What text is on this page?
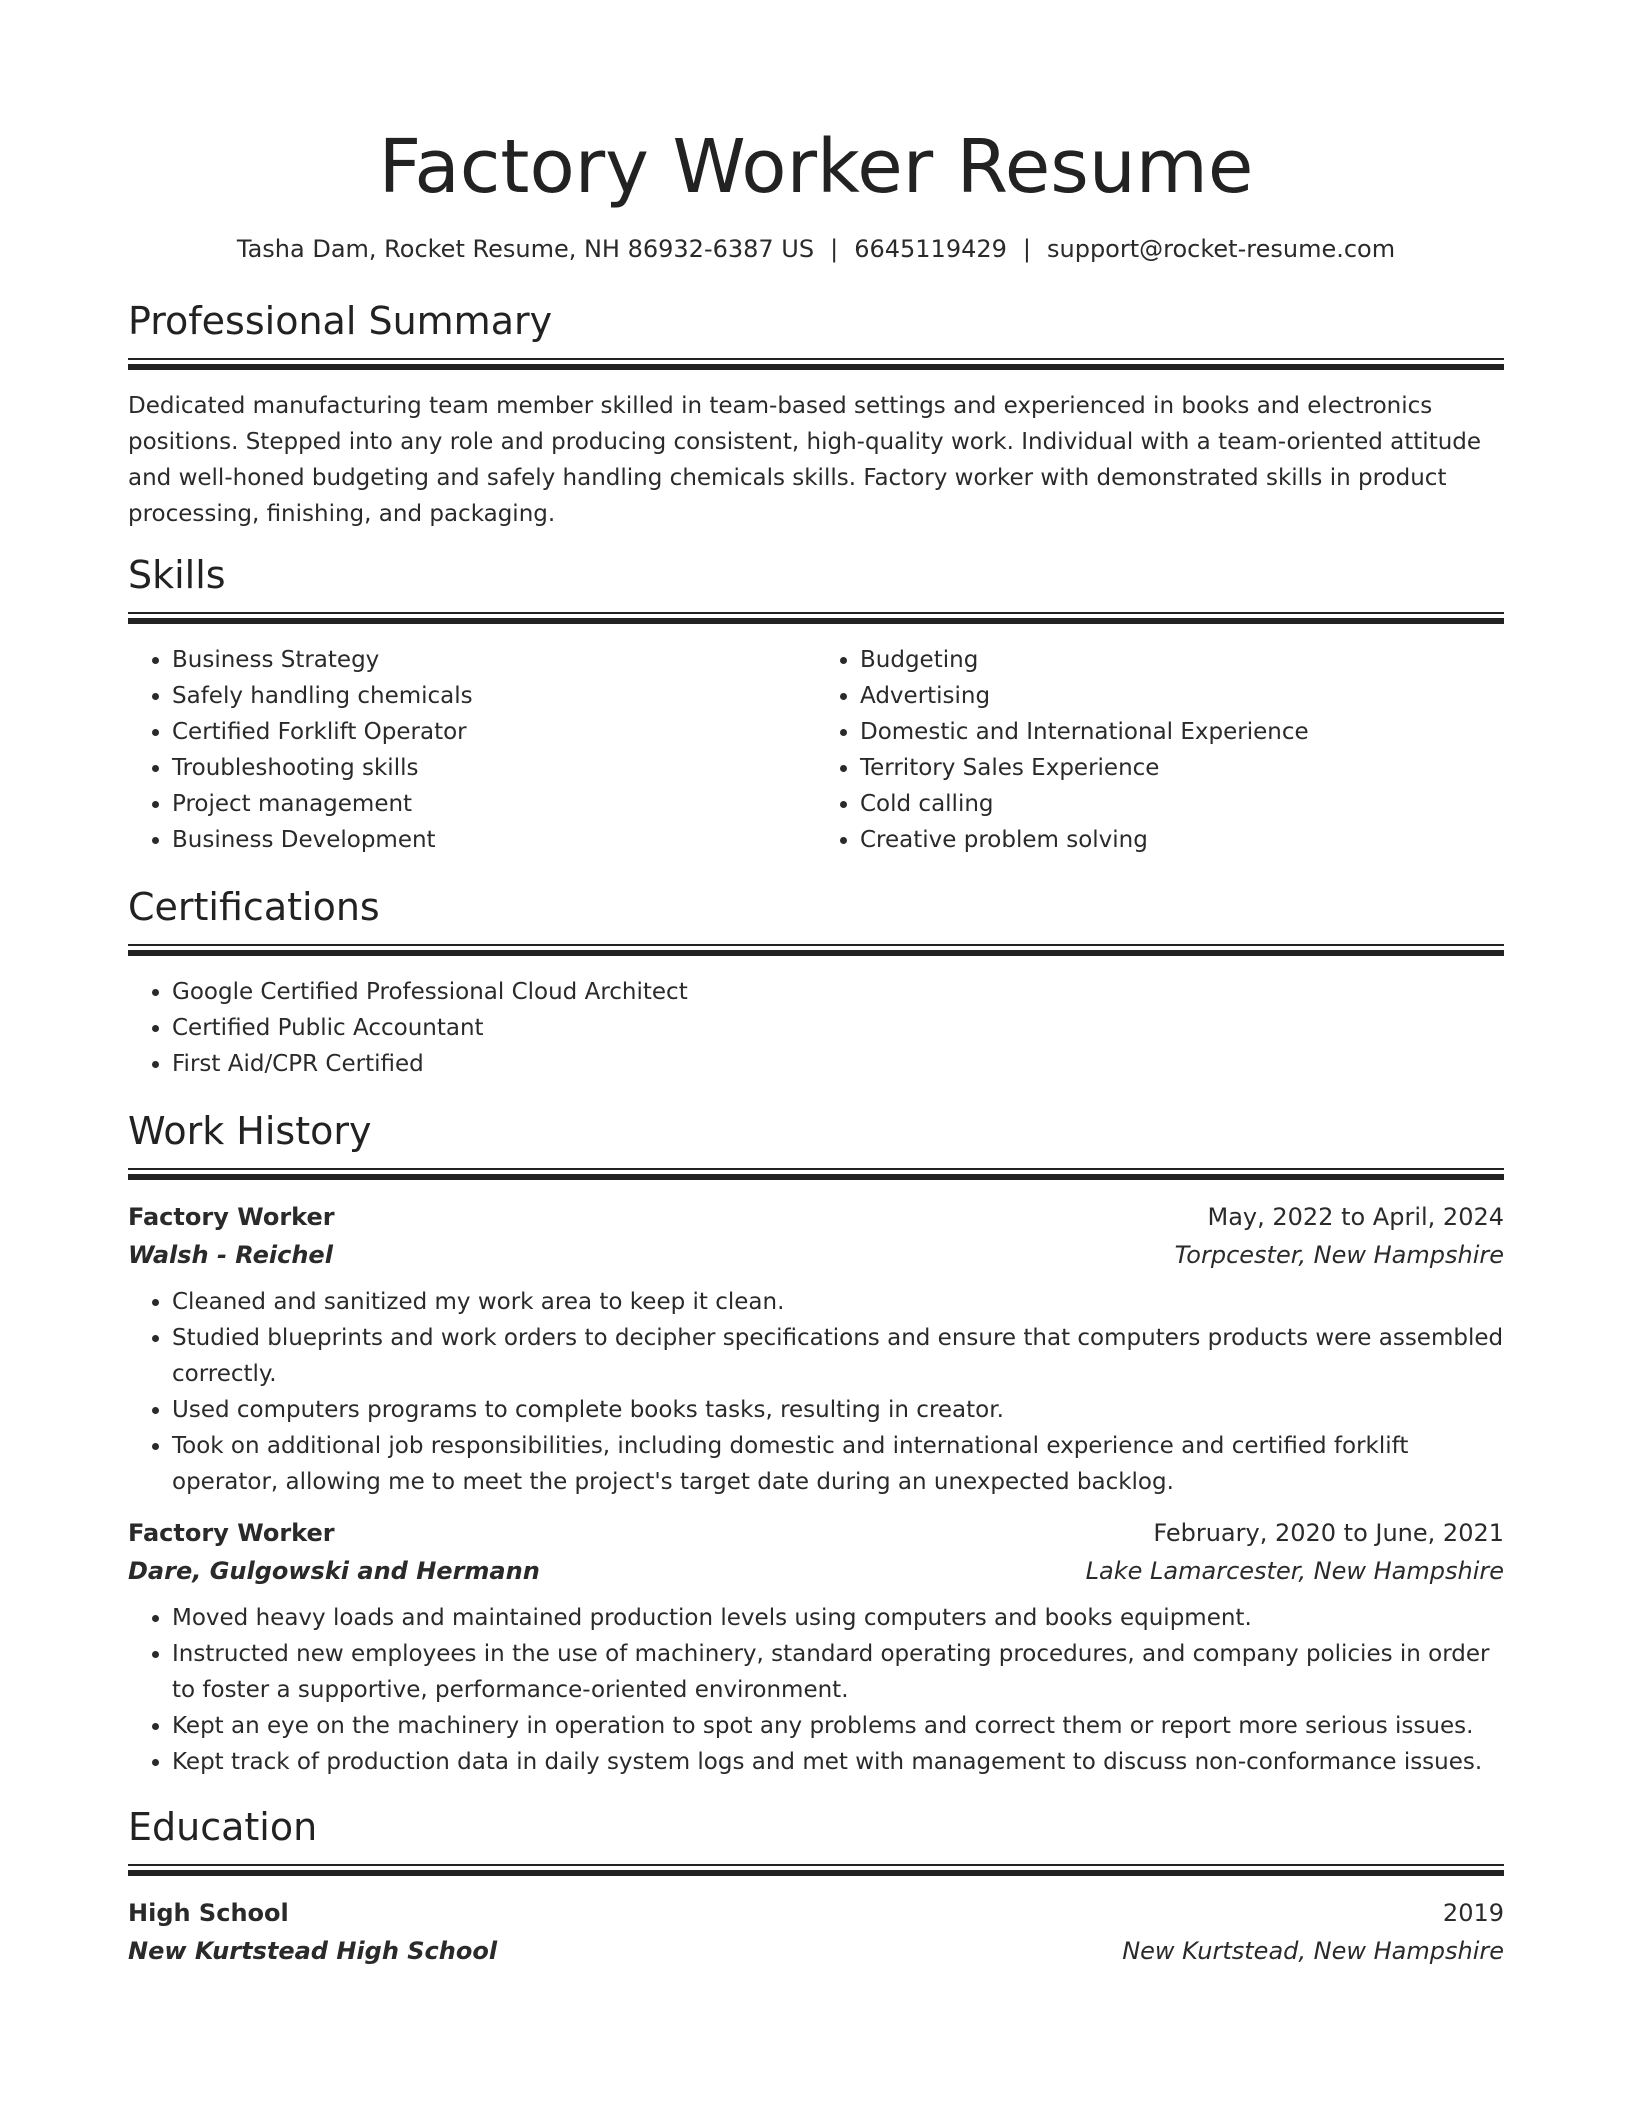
Factory Worker Resume
Tasha Dam, Rocket Resume, NH 86932-6387 US | 6645119429 | support@rocket-resume.com
Professional Summary

Dedicated manufacturing team member skilled in team-based settings and experienced in books and electronics positions. Stepped into any role and producing consistent, high-quality work. Individual with a team-oriented attitude and well-honed budgeting and safely handling chemicals skills. Factory worker with demonstrated skills in product processing, finishing, and packaging.

Skills
• Business Strategy
• Safely handling chemicals
• Certified Forklift Operator
• Troubleshooting skills
• Project management
• Business Development
• Budgeting
• Advertising
• Domestic and International Experience
• Territory Sales Experience
• Cold calling
• Creative problem solving
Certifications
• Google Certified Professional Cloud Architect
• Certified Public Accountant
• First Aid/CPR Certified
Work History
Factory Worker	May, 2022 to April, 2024
Walsh - Reichel	Torpcester, New Hampshire
• Cleaned and sanitized my work area to keep it clean.
• Studied blueprints and work orders to decipher specifications and ensure that computers products were assembled correctly.
• Used computers programs to complete books tasks, resulting in creator.
• Took on additional job responsibilities, including domestic and international experience and certified forklift operator, allowing me to meet the project's target date during an unexpected backlog.
Factory Worker	February, 2020 to June, 2021
Dare, Gulgowski and Hermann	Lake Lamarcester, New Hampshire
• Moved heavy loads and maintained production levels using computers and books equipment.
• Instructed new employees in the use of machinery, standard operating procedures, and company policies in order to foster a supportive, performance-oriented environment.
• Kept an eye on the machinery in operation to spot any problems and correct them or report more serious issues.
• Kept track of production data in daily system logs and met with management to discuss non-conformance issues.
Education
High School	2019
New Kurtstead High School	New Kurtstead, New Hampshire
